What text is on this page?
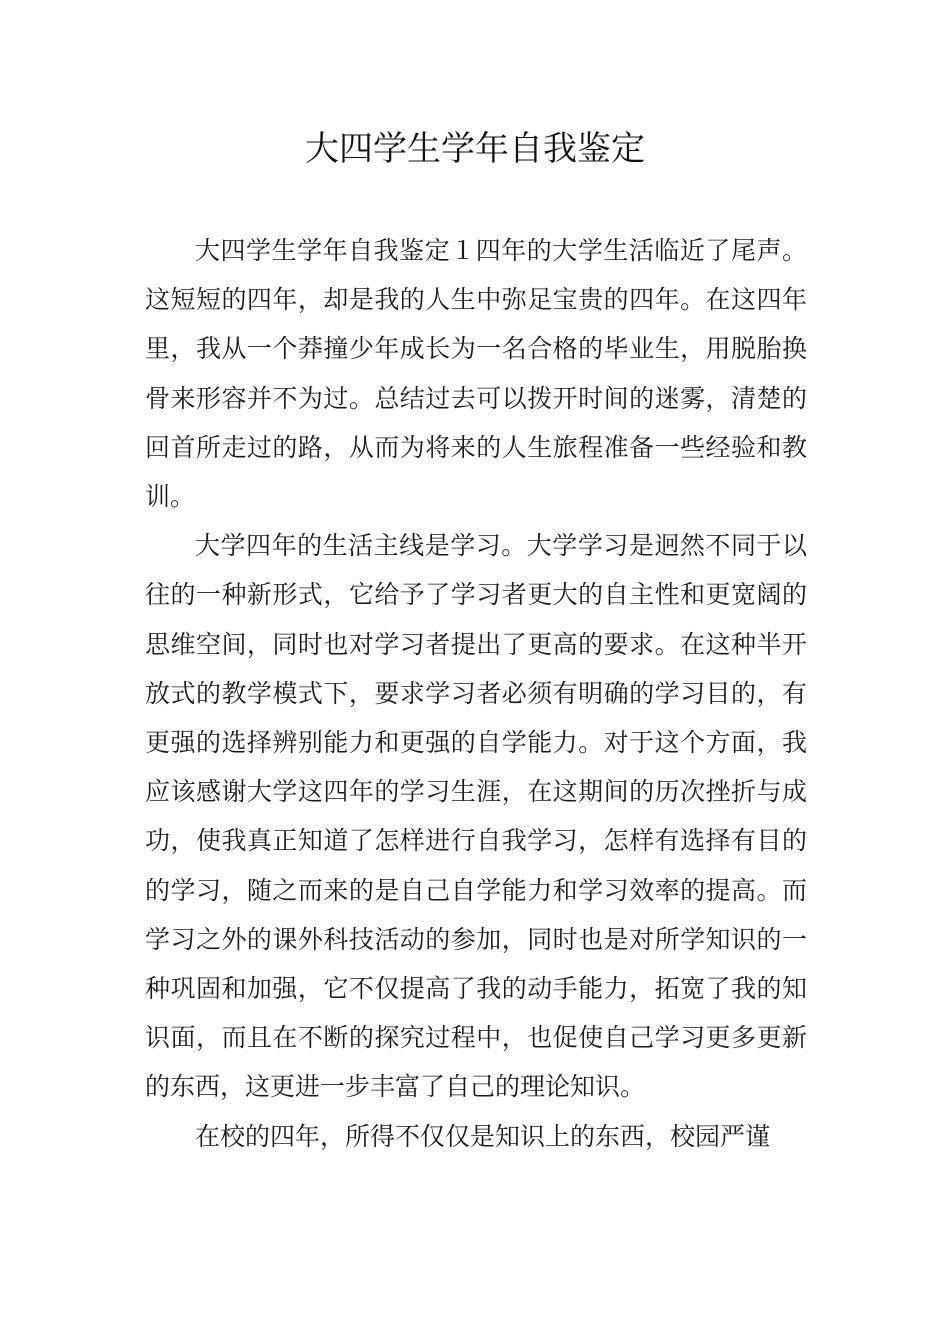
大四学生学年自我鉴定

大四学生学年自我鉴定１四年的大学生活临近了尾声。这短短的四年，却是我的人生中弥足宝贵的四年。在这四年里，我从一个莽撞少年成长为一名合格的毕业生，用脱胎换骨来形容并不为过。总结过去可以拨开时间的迷雾，清楚的回首所走过的路，从而为将来的人生旅程准备一些经验和教训。

大学四年的生活主线是学习。大学学习是迥然不同于以往的一种新形式，它给予了学习者更大的自主性和更宽阔的思维空间，同时也对学习者提出了更高的要求。在这种半开放式的教学模式下，要求学习者必须有明确的学习目的，有更强的选择辨别能力和更强的自学能力。对于这个方面，我应该感谢大学这四年的学习生涯，在这期间的历次挫折与成功，使我真正知道了怎样进行自我学习，怎样有选择有目的的学习，随之而来的是自己自学能力和学习效率的提高。而学习之外的课外科技活动的参加，同时也是对所学知识的一种巩固和加强，它不仅提高了我的动手能力，拓宽了我的知识面，而且在不断的探究过程中，也促使自己学习更多更新的东西，这更进一步丰富了自己的理论知识。

在校的四年，所得不仅仅是知识上的东西，校园严谨
